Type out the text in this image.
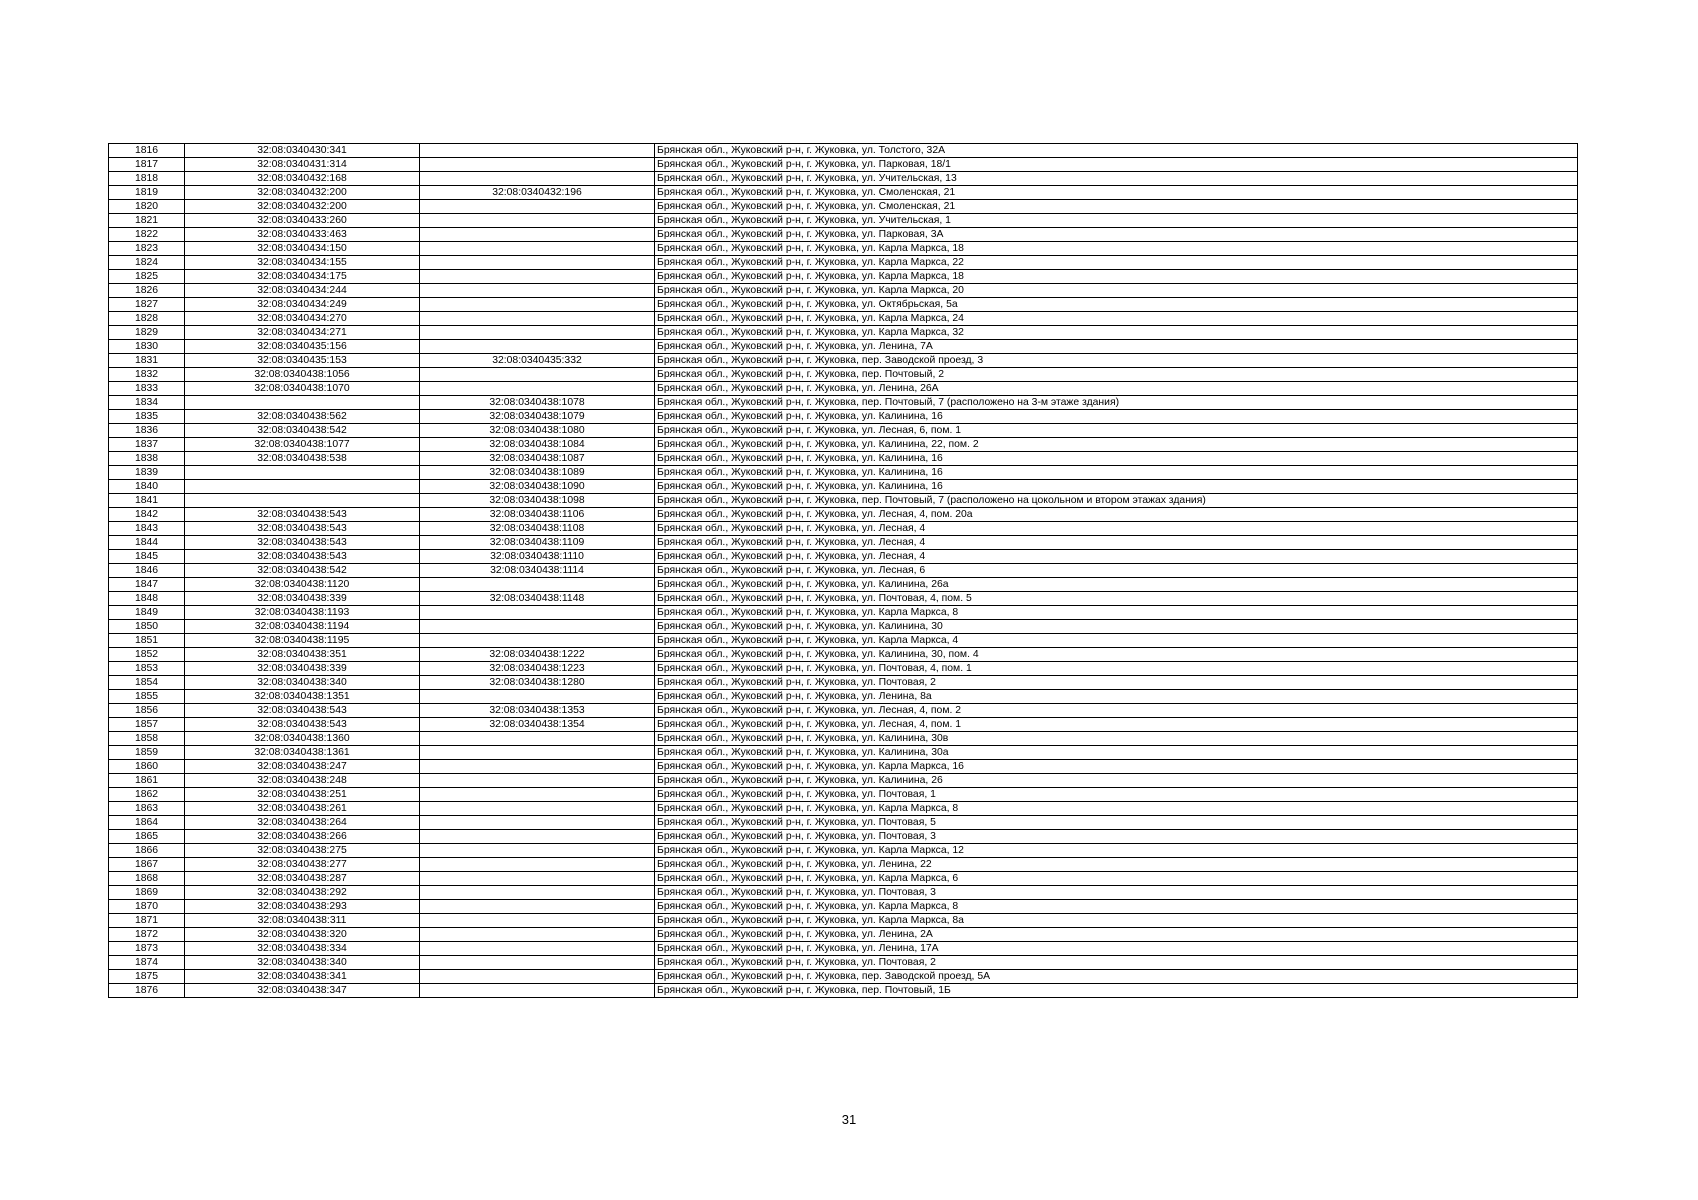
1816	32:08:0340430:341		Брянская обл., Жуковский р-н, г. Жуковка, ул. Толстого, 32А
1817	32:08:0340431:314		Брянская обл., Жуковский р-н, г. Жуковка, ул. Парковая, 18/1
1818	32:08:0340432:168		Брянская обл., Жуковский р-н, г. Жуковка, ул. Учительская, 13
1819	32:08:0340432:200	32:08:0340432:196	Брянская обл., Жуковский р-н, г. Жуковка, ул. Смоленская, 21
1820	32:08:0340432:200		Брянская обл., Жуковский р-н, г. Жуковка, ул. Смоленская, 21
1821	32:08:0340433:260		Брянская обл., Жуковский р-н, г. Жуковка, ул. Учительская, 1
1822	32:08:0340433:463		Брянская обл., Жуковский р-н, г. Жуковка, ул. Парковая, 3А
1823	32:08:0340434:150		Брянская обл., Жуковский р-н, г. Жуковка, ул. Карла Маркса, 18
1824	32:08:0340434:155		Брянская обл., Жуковский р-н, г. Жуковка, ул. Карла Маркса, 22
1825	32:08:0340434:175		Брянская обл., Жуковский р-н, г. Жуковка, ул. Карла Маркса, 18
1826	32:08:0340434:244		Брянская обл., Жуковский р-н, г. Жуковка, ул. Карла Маркса, 20
1827	32:08:0340434:249		Брянская обл., Жуковский р-н, г. Жуковка, ул. Октябрьская, 5а
1828	32:08:0340434:270		Брянская обл., Жуковский р-н, г. Жуковка, ул. Карла Маркса, 24
1829	32:08:0340434:271		Брянская обл., Жуковский р-н, г. Жуковка, ул. Карла Маркса, 32
1830	32:08:0340435:156		Брянская обл., Жуковский р-н, г. Жуковка, ул. Ленина, 7А
1831	32:08:0340435:153	32:08:0340435:332	Брянская обл., Жуковский р-н, г. Жуковка, пер. Заводской проезд, 3
1832	32:08:0340438:1056		Брянская обл., Жуковский р-н, г. Жуковка, пер. Почтовый, 2
1833	32:08:0340438:1070		Брянская обл., Жуковский р-н, г. Жуковка, ул. Ленина, 26А
1834		32:08:0340438:1078	Брянская обл., Жуковский р-н, г. Жуковка, пер. Почтовый, 7 (расположено на 3-м этаже здания)
1835	32:08:0340438:562	32:08:0340438:1079	Брянская обл., Жуковский р-н, г. Жуковка, ул. Калинина, 16
1836	32:08:0340438:542	32:08:0340438:1080	Брянская обл., Жуковский р-н, г. Жуковка, ул. Лесная, 6, пом. 1
1837	32:08:0340438:1077	32:08:0340438:1084	Брянская обл., Жуковский р-н, г. Жуковка, ул. Калинина, 22, пом. 2
1838	32:08:0340438:538	32:08:0340438:1087	Брянская обл., Жуковский р-н, г. Жуковка, ул. Калинина, 16
1839		32:08:0340438:1089	Брянская обл., Жуковский р-н, г. Жуковка, ул. Калинина, 16
1840		32:08:0340438:1090	Брянская обл., Жуковский р-н, г. Жуковка, ул. Калинина, 16
1841		32:08:0340438:1098	Брянская обл., Жуковский р-н, г. Жуковка, пер. Почтовый, 7 (расположено на цокольном и втором этажах здания)
1842	32:08:0340438:543	32:08:0340438:1106	Брянская обл., Жуковский р-н, г. Жуковка, ул. Лесная, 4, пом. 20а
1843	32:08:0340438:543	32:08:0340438:1108	Брянская обл., Жуковский р-н, г. Жуковка, ул. Лесная, 4
1844	32:08:0340438:543	32:08:0340438:1109	Брянская обл., Жуковский р-н, г. Жуковка, ул. Лесная, 4
1845	32:08:0340438:543	32:08:0340438:1110	Брянская обл., Жуковский р-н, г. Жуковка, ул. Лесная, 4
1846	32:08:0340438:542	32:08:0340438:1114	Брянская обл., Жуковский р-н, г. Жуковка, ул. Лесная, 6
1847	32:08:0340438:1120		Брянская обл., Жуковский р-н, г. Жуковка, ул. Калинина, 26а
1848	32:08:0340438:339	32:08:0340438:1148	Брянская обл., Жуковский р-н, г. Жуковка, ул. Почтовая, 4, пом. 5
1849	32:08:0340438:1193		Брянская обл., Жуковский р-н, г. Жуковка, ул. Карла Маркса, 8
1850	32:08:0340438:1194		Брянская обл., Жуковский р-н, г. Жуковка, ул. Калинина, 30
1851	32:08:0340438:1195		Брянская обл., Жуковский р-н, г. Жуковка, ул. Карла Маркса, 4
1852	32:08:0340438:351	32:08:0340438:1222	Брянская обл., Жуковский р-н, г. Жуковка, ул. Калинина, 30, пом. 4
1853	32:08:0340438:339	32:08:0340438:1223	Брянская обл., Жуковский р-н, г. Жуковка, ул. Почтовая, 4, пом. 1
1854	32:08:0340438:340	32:08:0340438:1280	Брянская обл., Жуковский р-н, г. Жуковка, ул. Почтовая, 2
1855	32:08:0340438:1351		Брянская обл., Жуковский р-н, г. Жуковка, ул. Ленина, 8а
1856	32:08:0340438:543	32:08:0340438:1353	Брянская обл., Жуковский р-н, г. Жуковка, ул. Лесная, 4, пом. 2
1857	32:08:0340438:543	32:08:0340438:1354	Брянская обл., Жуковский р-н, г. Жуковка, ул. Лесная, 4, пом. 1
1858	32:08:0340438:1360		Брянская обл., Жуковский р-н, г. Жуковка, ул. Калинина, 30в
1859	32:08:0340438:1361		Брянская обл., Жуковский р-н, г. Жуковка, ул. Калинина, 30а
1860	32:08:0340438:247		Брянская обл., Жуковский р-н, г. Жуковка, ул. Карла Маркса, 16
1861	32:08:0340438:248		Брянская обл., Жуковский р-н, г. Жуковка, ул. Калинина, 26
1862	32:08:0340438:251		Брянская обл., Жуковский р-н, г. Жуковка, ул. Почтовая, 1
1863	32:08:0340438:261		Брянская обл., Жуковский р-н, г. Жуковка, ул. Карла Маркса, 8
1864	32:08:0340438:264		Брянская обл., Жуковский р-н, г. Жуковка, ул. Почтовая, 5
1865	32:08:0340438:266		Брянская обл., Жуковский р-н, г. Жуковка, ул. Почтовая, 3
1866	32:08:0340438:275		Брянская обл., Жуковский р-н, г. Жуковка, ул. Карла Маркса, 12
1867	32:08:0340438:277		Брянская обл., Жуковский р-н, г. Жуковка, ул. Ленина, 22
1868	32:08:0340438:287		Брянская обл., Жуковский р-н, г. Жуковка, ул. Карла Маркса, 6
1869	32:08:0340438:292		Брянская обл., Жуковский р-н, г. Жуковка, ул. Почтовая, 3
1870	32:08:0340438:293		Брянская обл., Жуковский р-н, г. Жуковка, ул. Карла Маркса, 8
1871	32:08:0340438:311		Брянская обл., Жуковский р-н, г. Жуковка, ул. Карла Маркса, 8а
1872	32:08:0340438:320		Брянская обл., Жуковский р-н, г. Жуковка, ул. Ленина, 2А
1873	32:08:0340438:334		Брянская обл., Жуковский р-н, г. Жуковка, ул. Ленина, 17А
1874	32:08:0340438:340		Брянская обл., Жуковский р-н, г. Жуковка, ул. Почтовая, 2
1875	32:08:0340438:341		Брянская обл., Жуковский р-н, г. Жуковка, пер. Заводской проезд, 5А
1876	32:08:0340438:347		Брянская обл., Жуковский р-н, г. Жуковка, пер. Почтовый, 1Б
31
